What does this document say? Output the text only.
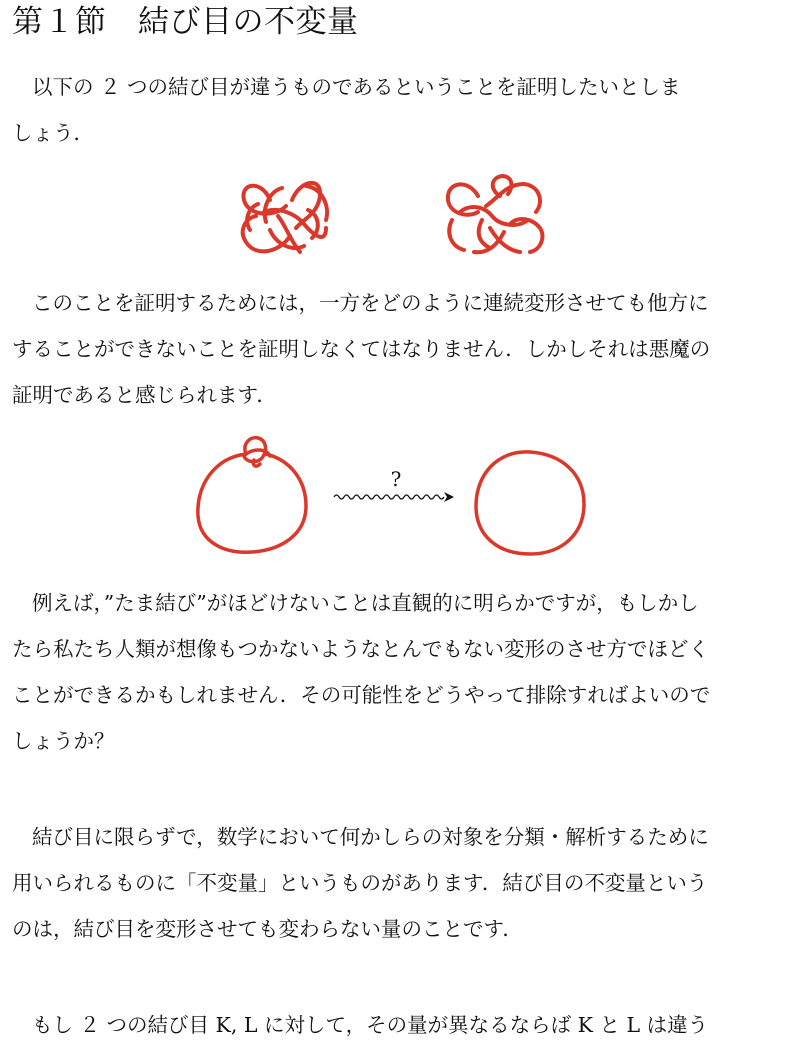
第１節　結び目の不変量
以下の ２ つの結び目が違うものであるということを証明したいとしま
しょう．
このことを証明するためには，一方をどのように連続変形させても他方に
することができないことを証明しなくてはなりません．しかしそれは悪魔の
証明であると感じられます．
?
例えば，”たま結び”がほどけないことは直観的に明らかですが，もしかし
たら私たち人類が想像もつかないようなとんでもない変形のさせ方でほどく
ことができるかもしれません．その可能性をどうやって排除すればよいので
しょうか？
結び目に限らずで，数学において何かしらの対象を分類・解析するために
用いられるものに「不変量」というものがあります．結び目の不変量という
のは，結び目を変形させても変わらない量のことです．
もし ２ つの結び目 K, L に対して，その量が異なるならば K と L は違う
